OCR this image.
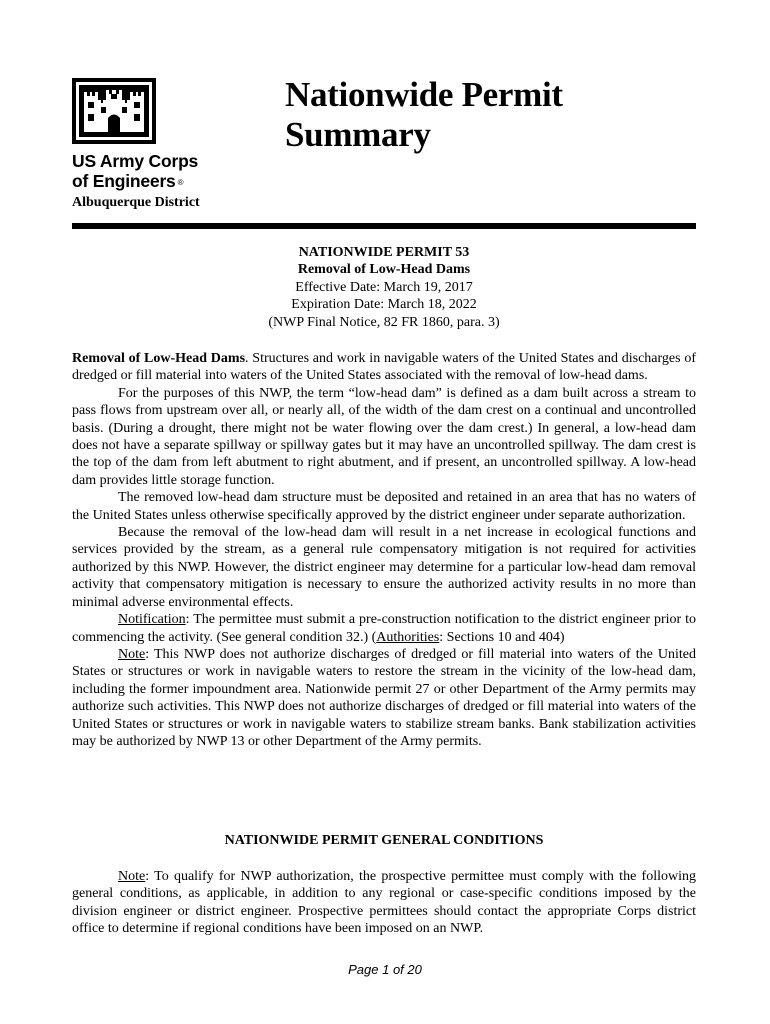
US Army Corps
of Engineers ®
Albuquerque District
Nationwide Permit
Summary
NATIONWIDE PERMIT 53
Removal of Low-Head Dams
Effective Date: March 19, 2017
Expiration Date: March 18, 2022
(NWP Final Notice, 82 FR 1860, para. 3)

Removal of Low-Head Dams. Structures and work in navigable waters of the United States and discharges of dredged or fill material into waters of the United States associated with the removal of low-head dams.

For the purposes of this NWP, the term “low-head dam” is defined as a dam built across a stream to pass flows from upstream over all, or nearly all, of the width of the dam crest on a continual and uncontrolled basis. (During a drought, there might not be water flowing over the dam crest.) In general, a low-head dam does not have a separate spillway or spillway gates but it may have an uncontrolled spillway. The dam crest is the top of the dam from left abutment to right abutment, and if present, an uncontrolled spillway. A low-head dam provides little storage function.

The removed low-head dam structure must be deposited and retained in an area that has no waters of the United States unless otherwise specifically approved by the district engineer under separate authorization.

Because the removal of the low-head dam will result in a net increase in ecological functions and services provided by the stream, as a general rule compensatory mitigation is not required for activities authorized by this NWP. However, the district engineer may determine for a particular low-head dam removal activity that compensatory mitigation is necessary to ensure the authorized activity results in no more than minimal adverse environmental effects.

Notification: The permittee must submit a pre-construction notification to the district engineer prior to commencing the activity. (See general condition 32.) (Authorities: Sections 10 and 404)

Note: This NWP does not authorize discharges of dredged or fill material into waters of the United States or structures or work in navigable waters to restore the stream in the vicinity of the low-head dam, including the former impoundment area. Nationwide permit 27 or other Department of the Army permits may authorize such activities. This NWP does not authorize discharges of dredged or fill material into waters of the United States or structures or work in navigable waters to stabilize stream banks. Bank stabilization activities may be authorized by NWP 13 or other Department of the Army permits.

NATIONWIDE PERMIT GENERAL CONDITIONS

Note: To qualify for NWP authorization, the prospective permittee must comply with the following general conditions, as applicable, in addition to any regional or case-specific conditions imposed by the division engineer or district engineer. Prospective permittees should contact the appropriate Corps district office to determine if regional conditions have been imposed on an NWP.

Page 1 of 20
